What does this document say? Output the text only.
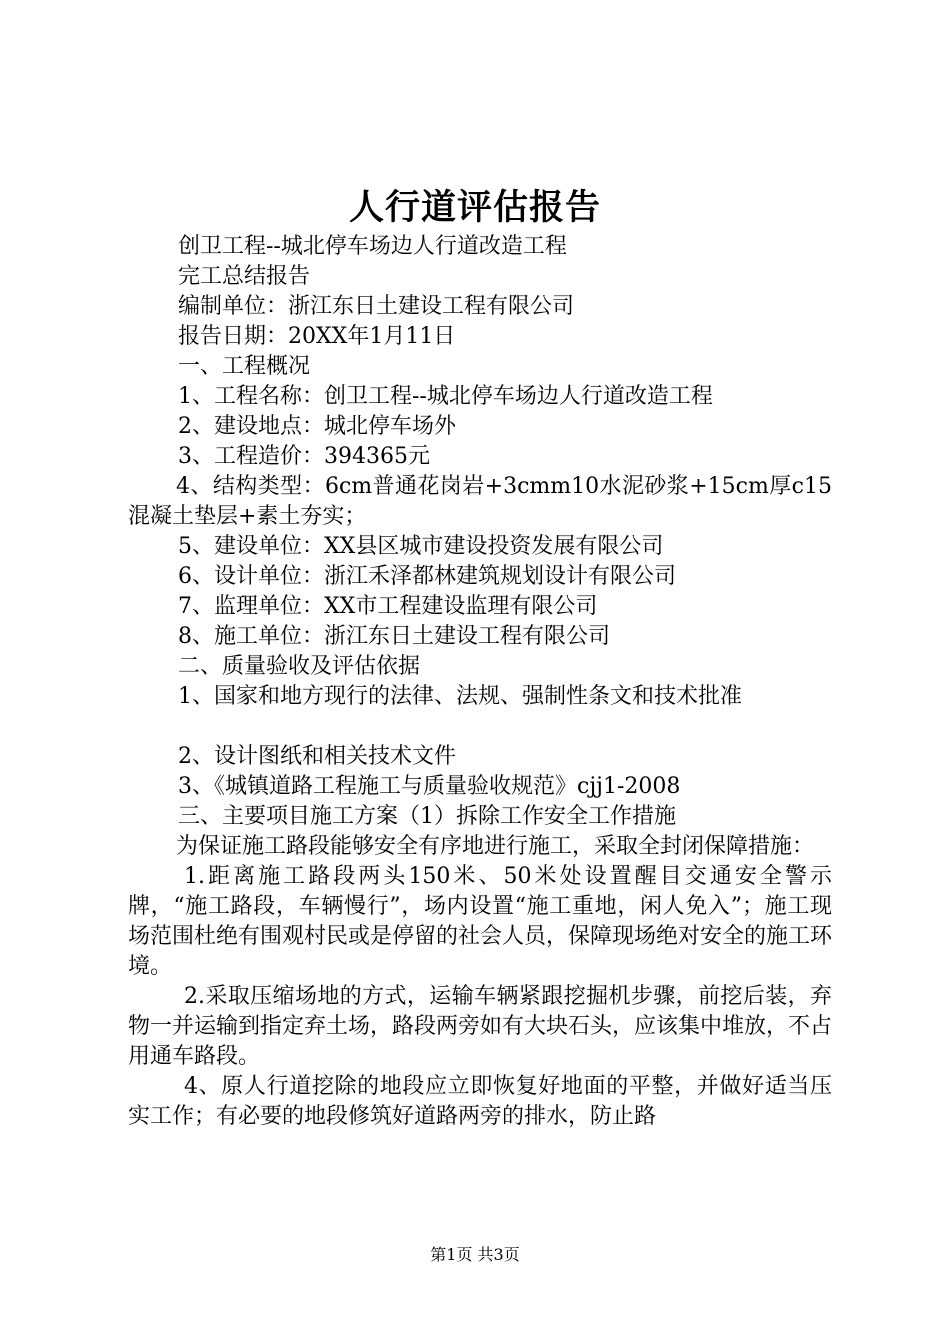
人行道评估报告
创卫工程--城北停车场边人行道改造工程
完工总结报告
编制单位：浙江东日土建设工程有限公司
报告日期：20XX年1月11日
一、工程概况
1、工程名称：创卫工程--城北停车场边人行道改造工程
2、建设地点：城北停车场外
3、工程造价：394365元
4、结构类型：6cm普通花岗岩+3cmm10水泥砂浆+15cm厚c15混凝土垫层+素土夯实；
5、建设单位：XX县区城市建设投资发展有限公司
6、设计单位：浙江禾泽都林建筑规划设计有限公司
7、监理单位：XX市工程建设监理有限公司
8、施工单位：浙江东日土建设工程有限公司
二、质量验收及评估依据
1、国家和地方现行的法律、法规、强制性条文和技术批准
2、设计图纸和相关技术文件
3、《城镇道路工程施工与质量验收规范》cjj1-2008
三、主要项目施工方案（1）拆除工作安全工作措施
为保证施工路段能够安全有序地进行施工，采取全封闭保障措施：
1.距离施工路段两头150米、50米处设置醒目交通安全警示牌，“施工路段，车辆慢行”，场内设置“施工重地，闲人免入”；施工现场范围杜绝有围观村民或是停留的社会人员，保障现场绝对安全的施工环境。
2.采取压缩场地的方式，运输车辆紧跟挖掘机步骤，前挖后装，弃物一并运输到指定弃土场，路段两旁如有大块石头，应该集中堆放，不占用通车路段。
4、原人行道挖除的地段应立即恢复好地面的平整，并做好适当压实工作；有必要的地段修筑好道路两旁的排水，防止路
第1页 共3页
